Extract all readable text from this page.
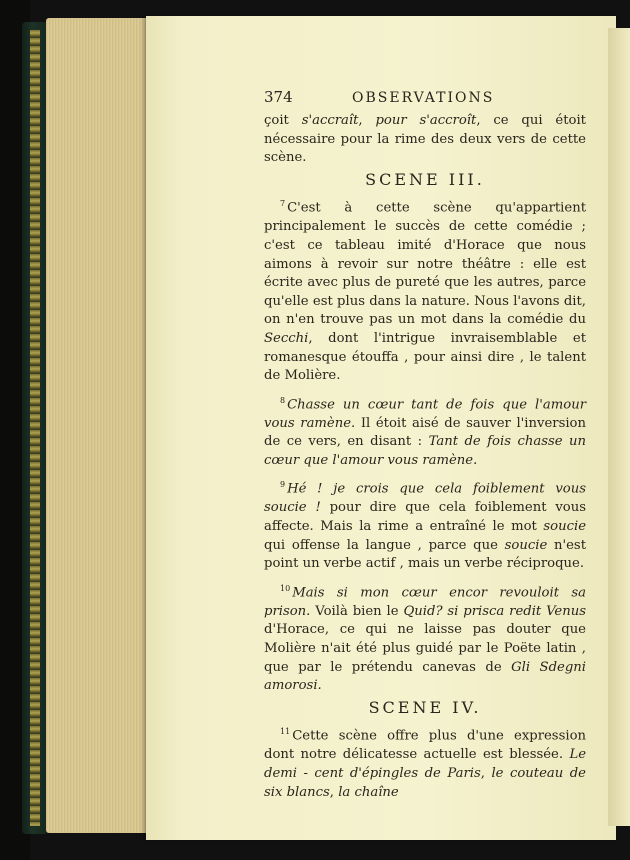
374	OBSERVATIONS

çoit s'accraît, pour s'accroît, ce qui étoit nécessaire pour la rime des deux vers de cette scène.

SCENE III.

$^7$ C'est à cette scène qu'appartient principalement le succès de cette comédie ; c'est ce tableau imité d'Horace que nous aimons à revoir sur notre théâtre : elle est écrite avec plus de pureté que les autres, parce qu'elle est plus dans la nature. Nous l'avons dit, on n'en trouve pas un mot dans la comédie du Secchi, dont l'intrigue invraisemblable et romanesque étouffa , pour ainsi dire , le talent de Molière.

$^8$ Chasse un cœur tant de fois que l'amour vous ramène. Il étoit aisé de sauver l'inversion de ce vers, en disant : Tant de fois chasse un cœur que l'amour vous ramène.

$^9$ Hé ! je crois que cela foiblement vous soucie ! pour dire que cela foiblement vous affecte. Mais la rime a entraîné le mot soucie qui offense la langue , parce que soucie n'est point un verbe actif , mais un verbe réciproque.

$^{10}$ Mais si mon cœur encor revouloit sa prison. Voilà bien le Quid? si prisca redit Venus d'Horace, ce qui ne laisse pas douter que Molière n'ait été plus guidé par le Poëte latin , que par le prétendu canevas de Gli Sdegni amorosi.

SCENE IV.

$^{11}$ Cette scène offre plus d'une expression dont notre délicatesse actuelle est blessée. Le demi - cent d'épingles de Paris, le couteau de six blancs, la chaîne
